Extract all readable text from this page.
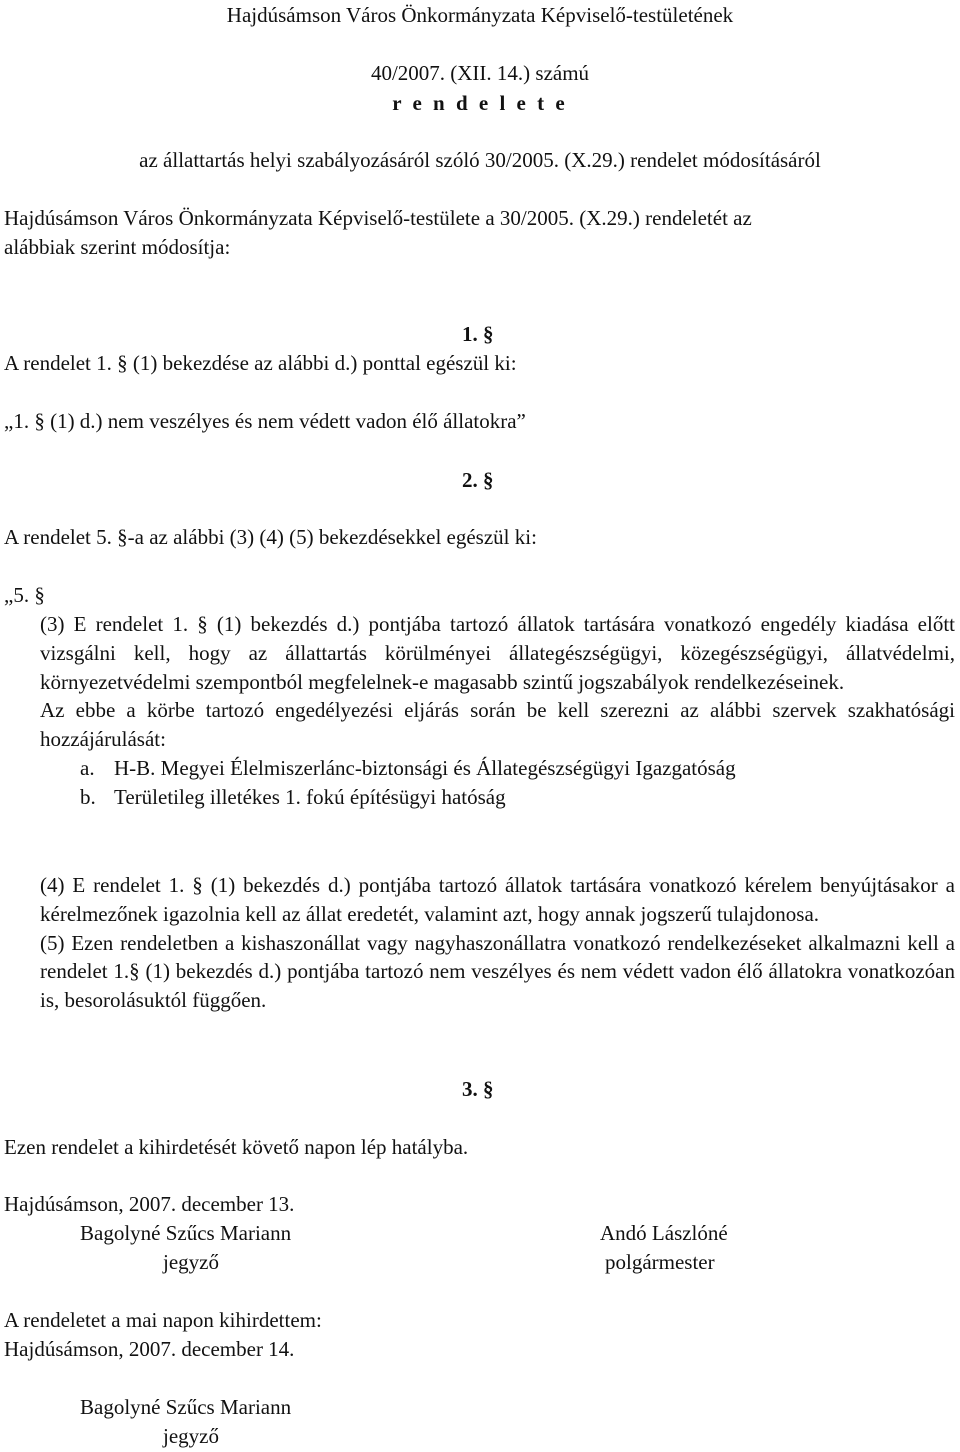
Hajdúsámson Város Önkormányzata Képviselő-testületének
40/2007. (XII. 14.) számú
r e n d e l e t e
az állattartás helyi szabályozásáról szóló 30/2005. (X.29.) rendelet módosításáról
Hajdúsámson Város Önkormányzata Képviselő-testülete a 30/2005. (X.29.) rendeletét az
alábbiak szerint módosítja:
1. §
A rendelet 1. § (1) bekezdése az alábbi d.) ponttal egészül ki:
„1. § (1) d.) nem veszélyes és nem védett vadon élő állatokra”
2. §
A rendelet 5. §-a az alábbi (3) (4) (5) bekezdésekkel egészül ki:
„5. §
(3) E rendelet 1. § (1) bekezdés d.) pontjába tartozó állatok tartására vonatkozó engedély kiadása előtt vizsgálni kell, hogy az állattartás körülményei állategészségügyi, közegészségügyi, állatvédelmi, környezetvédelmi szempontból megfelelnek-e magasabb szintű jogszabályok rendelkezéseinek.
Az ebbe a körbe tartozó engedélyezési eljárás során be kell szerezni az alábbi szervek szakhatósági hozzájárulását:
a. H-B. Megyei Élelmiszerlánc-biztonsági és Állategészségügyi Igazgatóság
b. Területileg illetékes 1. fokú építésügyi hatóság
(4) E rendelet 1. § (1) bekezdés d.) pontjába tartozó állatok tartására vonatkozó kérelem benyújtásakor a kérelmezőnek igazolnia kell az állat eredetét, valamint azt, hogy annak jogszerű tulajdonosa.
(5) Ezen rendeletben a kishaszonállat vagy nagyhaszonállatra vonatkozó rendelkezéseket alkalmazni kell a rendelet 1.§ (1) bekezdés d.) pontjába tartozó nem veszélyes és nem védett vadon élő állatokra vonatkozóan is, besorolásuktól függően.
3. §
Ezen rendelet a kihirdetését követő napon lép hatályba.
Hajdúsámson, 2007. december 13.
Bagolyné Szűcs Mariann
jegyző
Andó Lászlóné
polgármester
A rendeletet a mai napon kihirdettem:
Hajdúsámson, 2007. december 14.
Bagolyné Szűcs Mariann
jegyző
